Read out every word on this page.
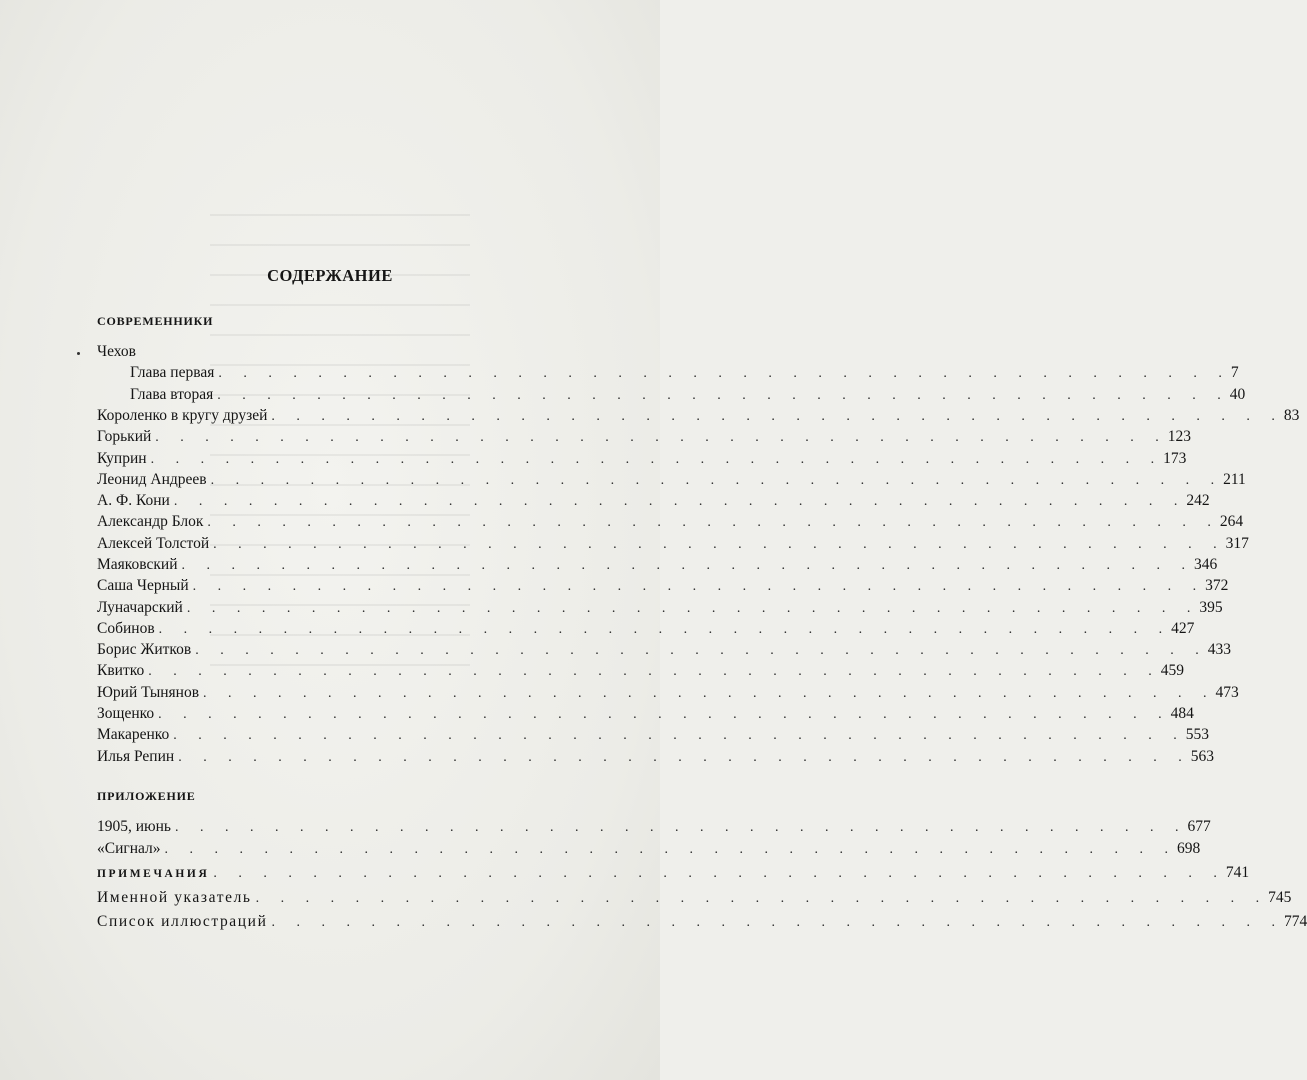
СОДЕРЖАНИЕ
СОВРЕМЕННИКИ
Чехов
Глава первая . . . . . . . . . . . . . . . . . . . . . . . . . . . . . . . . . . . . . . . . . 7
Глава вторая . . . . . . . . . . . . . . . . . . . . . . . . . . . . . . . . . . . . . . . . . 40
Короленко в кругу друзей . . . . . . . . . . . . . . . . . . . . . . . . . . . . . . . . . . . . . . . . . 83
Горький . . . . . . . . . . . . . . . . . . . . . . . . . . . . . . . . . . . . . . . . . 123
Куприн . . . . . . . . . . . . . . . . . . . . . . . . . . . . . . . . . . . . . . . . . 173
Леонид Андреев . . . . . . . . . . . . . . . . . . . . . . . . . . . . . . . . . . . . . . . . . 211
А. Ф. Кони . . . . . . . . . . . . . . . . . . . . . . . . . . . . . . . . . . . . . . . . . 242
Александр Блок . . . . . . . . . . . . . . . . . . . . . . . . . . . . . . . . . . . . . . . . . 264
Алексей Толстой . . . . . . . . . . . . . . . . . . . . . . . . . . . . . . . . . . . . . . . . . 317
Маяковский . . . . . . . . . . . . . . . . . . . . . . . . . . . . . . . . . . . . . . . . . 346
Саша Черный . . . . . . . . . . . . . . . . . . . . . . . . . . . . . . . . . . . . . . . . . 372
Луначарский . . . . . . . . . . . . . . . . . . . . . . . . . . . . . . . . . . . . . . . . . 395
Собинов . . . . . . . . . . . . . . . . . . . . . . . . . . . . . . . . . . . . . . . . . 427
Борис Житков . . . . . . . . . . . . . . . . . . . . . . . . . . . . . . . . . . . . . . . . . 433
Квитко . . . . . . . . . . . . . . . . . . . . . . . . . . . . . . . . . . . . . . . . . 459
Юрий Тынянов . . . . . . . . . . . . . . . . . . . . . . . . . . . . . . . . . . . . . . . . . 473
Зощенко . . . . . . . . . . . . . . . . . . . . . . . . . . . . . . . . . . . . . . . . . 484
Макаренко . . . . . . . . . . . . . . . . . . . . . . . . . . . . . . . . . . . . . . . . . 553
Илья Репин . . . . . . . . . . . . . . . . . . . . . . . . . . . . . . . . . . . . . . . . . 563
ПРИЛОЖЕНИЕ
1905, июнь . . . . . . . . . . . . . . . . . . . . . . . . . . . . . . . . . . . . . . . . . 677
«Сигнал» . . . . . . . . . . . . . . . . . . . . . . . . . . . . . . . . . . . . . . . . . 698
ПРИМЕЧАНИЯ . . . . . . . . . . . . . . . . . . . . . . . . . . . . . . . . . . . . . . . . . 741
Именной указатель . . . . . . . . . . . . . . . . . . . . . . . . . . . . . . . . . . . . . . . . . 745
Список иллюстраций . . . . . . . . . . . . . . . . . . . . . . . . . . . . . . . . . . . . . . . . . 774
